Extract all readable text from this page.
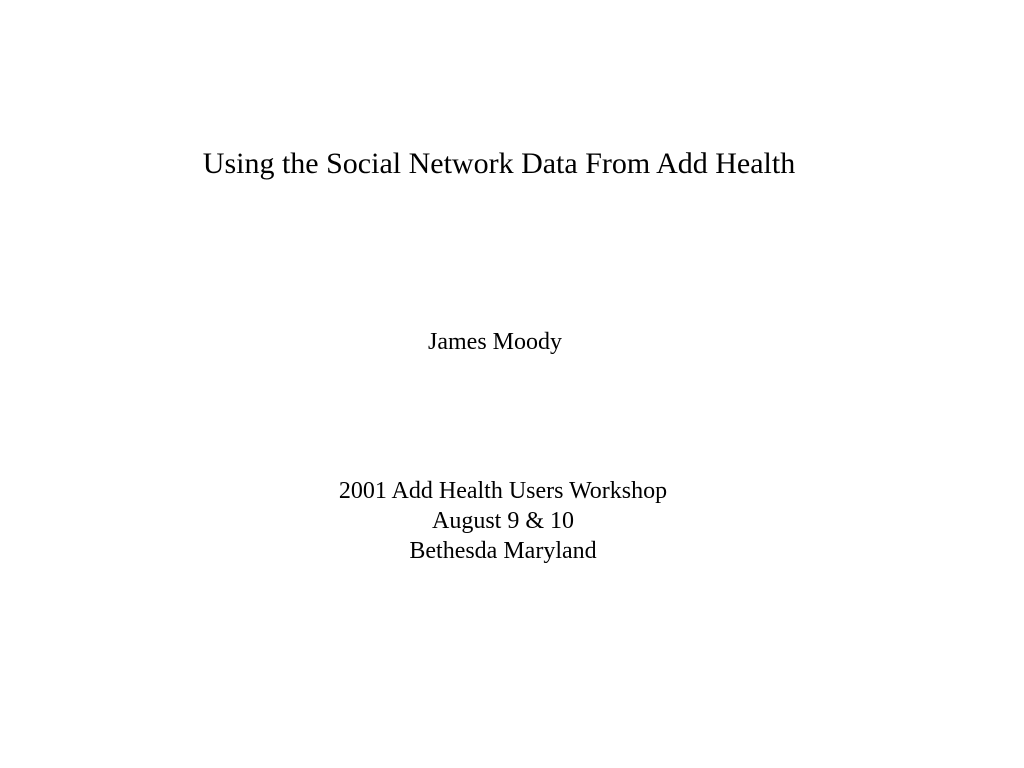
Using the Social Network Data From Add Health
James Moody
2001 Add Health Users Workshop
August 9 & 10
Bethesda Maryland
